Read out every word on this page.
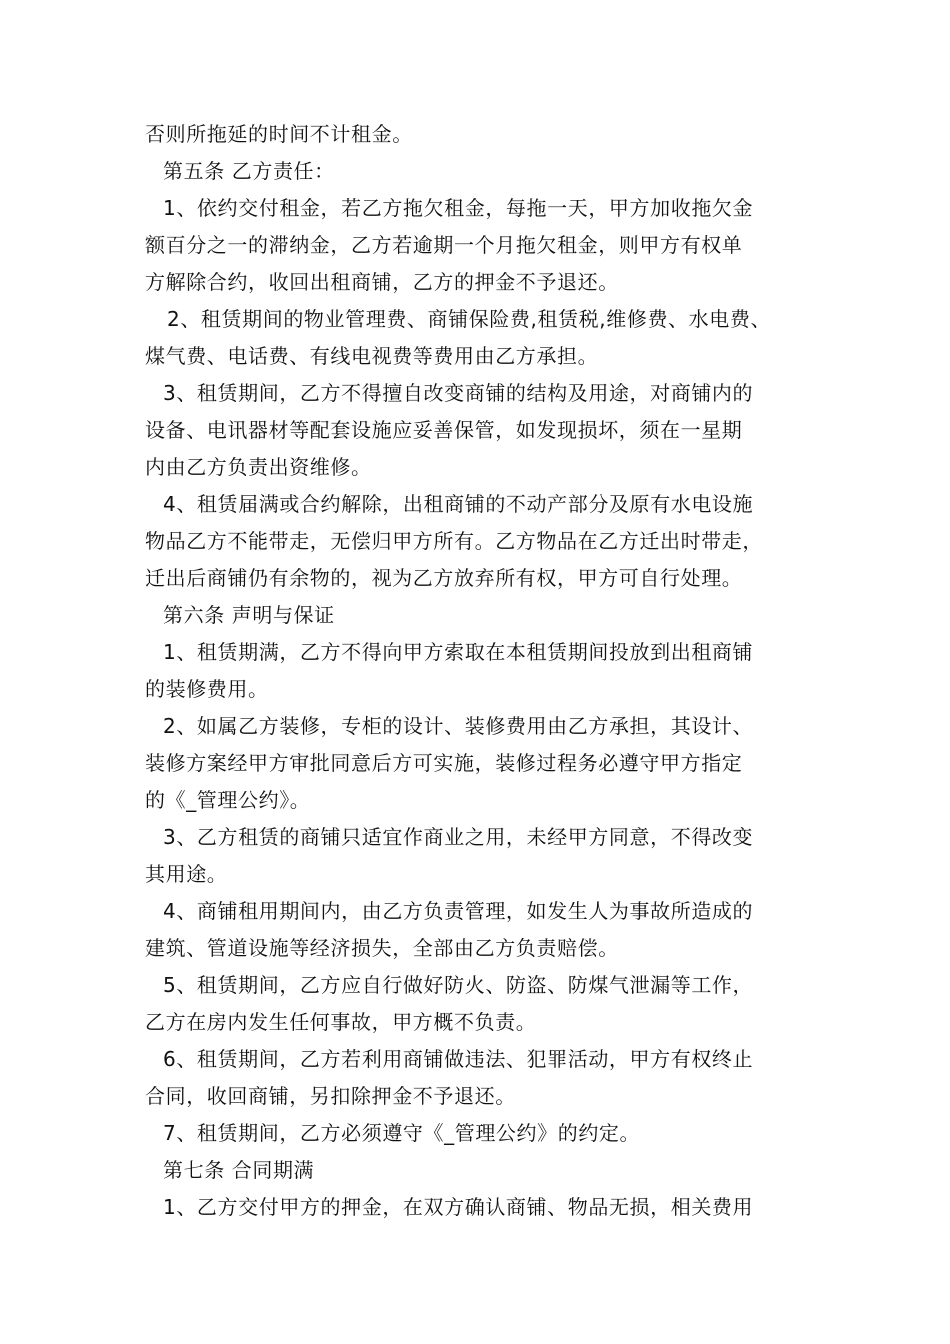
否则所拖延的时间不计租金。
第五条 乙方责任：
1、依约交付租金，若乙方拖欠租金，每拖一天，甲方加收拖欠金
额百分之一的滞纳金，乙方若逾期一个月拖欠租金，则甲方有权单
方解除合约，收回出租商铺，乙方的押金不予退还。
2、租赁期间的物业管理费、商铺保险费,租赁税,维修费、水电费、
煤气费、电话费、有线电视费等费用由乙方承担。
3、租赁期间，乙方不得擅自改变商铺的结构及用途，对商铺内的
设备、电讯器材等配套设施应妥善保管，如发现损坏，须在一星期
内由乙方负责出资维修。
4、租赁届满或合约解除，出租商铺的不动产部分及原有水电设施
物品乙方不能带走，无偿归甲方所有。乙方物品在乙方迁出时带走，
迁出后商铺仍有余物的，视为乙方放弃所有权，甲方可自行处理。
第六条 声明与保证
1、租赁期满，乙方不得向甲方索取在本租赁期间投放到出租商铺
的装修费用。
2、如属乙方装修，专柜的设计、装修费用由乙方承担，其设计、
装修方案经甲方审批同意后方可实施，装修过程务必遵守甲方指定
的《_管理公约》。
3、乙方租赁的商铺只适宜作商业之用，未经甲方同意，不得改变
其用途。
4、商铺租用期间内，由乙方负责管理，如发生人为事故所造成的
建筑、管道设施等经济损失，全部由乙方负责赔偿。
5、租赁期间，乙方应自行做好防火、防盗、防煤气泄漏等工作，
乙方在房内发生任何事故，甲方概不负责。
6、租赁期间，乙方若利用商铺做违法、犯罪活动，甲方有权终止
合同，收回商铺，另扣除押金不予退还。
7、租赁期间，乙方必须遵守《_管理公约》的约定。
第七条 合同期满
1、乙方交付甲方的押金，在双方确认商铺、物品无损，相关费用
